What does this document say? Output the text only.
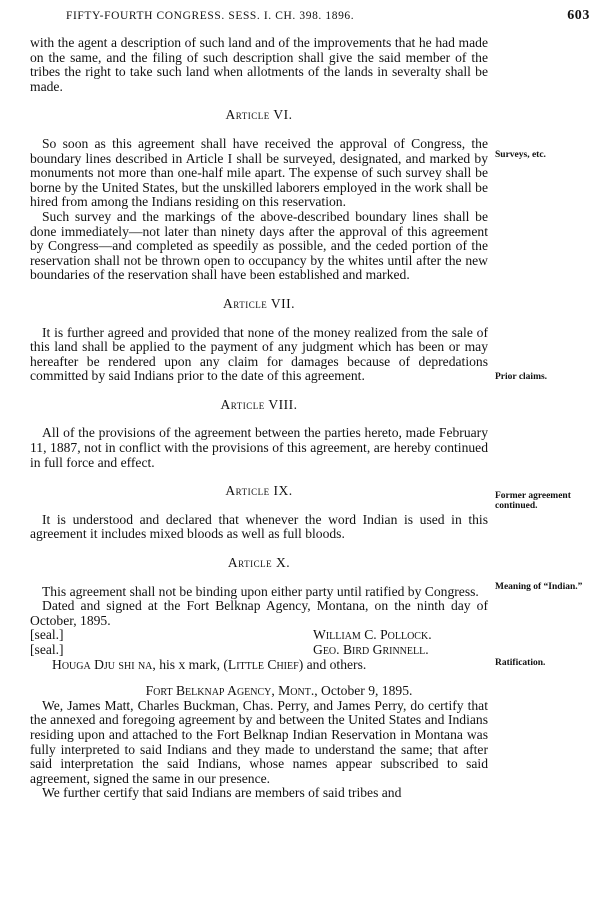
FIFTY-FOURTH CONGRESS. SESS. I. CH. 398. 1896.	603

with the agent a description of such land and of the improvements that he had made on the same, and the filing of such description shall give the said member of the tribes the right to take such land when allotments of the lands in severalty shall be made.

Article VI.

So soon as this agreement shall have received the approval of Congress, the boundary lines described in Article I shall be surveyed, designated, and marked by monuments not more than one-half mile apart. The expense of such survey shall be borne by the United States, but the unskilled laborers employed in the work shall be hired from among the Indians residing on this reservation.

Such survey and the markings of the above-described boundary lines shall be done immediately—not later than ninety days after the approval of this agreement by Congress—and completed as speedily as possible, and the ceded portion of the reservation shall not be thrown open to occupancy by the whites until after the new boundaries of the reservation shall have been established and marked.

Article VII.

It is further agreed and provided that none of the money realized from the sale of this land shall be applied to the payment of any judgment which has been or may hereafter be rendered upon any claim for damages because of depredations committed by said Indians prior to the date of this agreement.

Article VIII.

All of the provisions of the agreement between the parties hereto, made February 11, 1887, not in conflict with the provisions of this agreement, are hereby continued in full force and effect.

Article IX.

It is understood and declared that whenever the word Indian is used in this agreement it includes mixed bloods as well as full bloods.

Article X.

This agreement shall not be binding upon either party until ratified by Congress.

Dated and signed at the Fort Belknap Agency, Montana, on the ninth day of October, 1895.

[seal.]	William C. Pollock.
[seal.]	Geo. Bird Grinnell.
Houga Dju shi na, his x mark, (Little Chief) and others.
Fort Belknap Agency, Mont., October 9, 1895.

We, James Matt, Charles Buckman, Chas. Perry, and James Perry, do certify that the annexed and foregoing agreement by and between the United States and Indians residing upon and attached to the Fort Belknap Indian Reservation in Montana was fully interpreted to said Indians and they made to understand the same; that after said interpretation the said Indians, whose names appear subscribed to said agreement, signed the same in our presence.

We further certify that said Indians are members of said tribes and

Surveys, etc.
Prior claims.
Former agreement continued.
Meaning of “Indian.”
Ratification.
